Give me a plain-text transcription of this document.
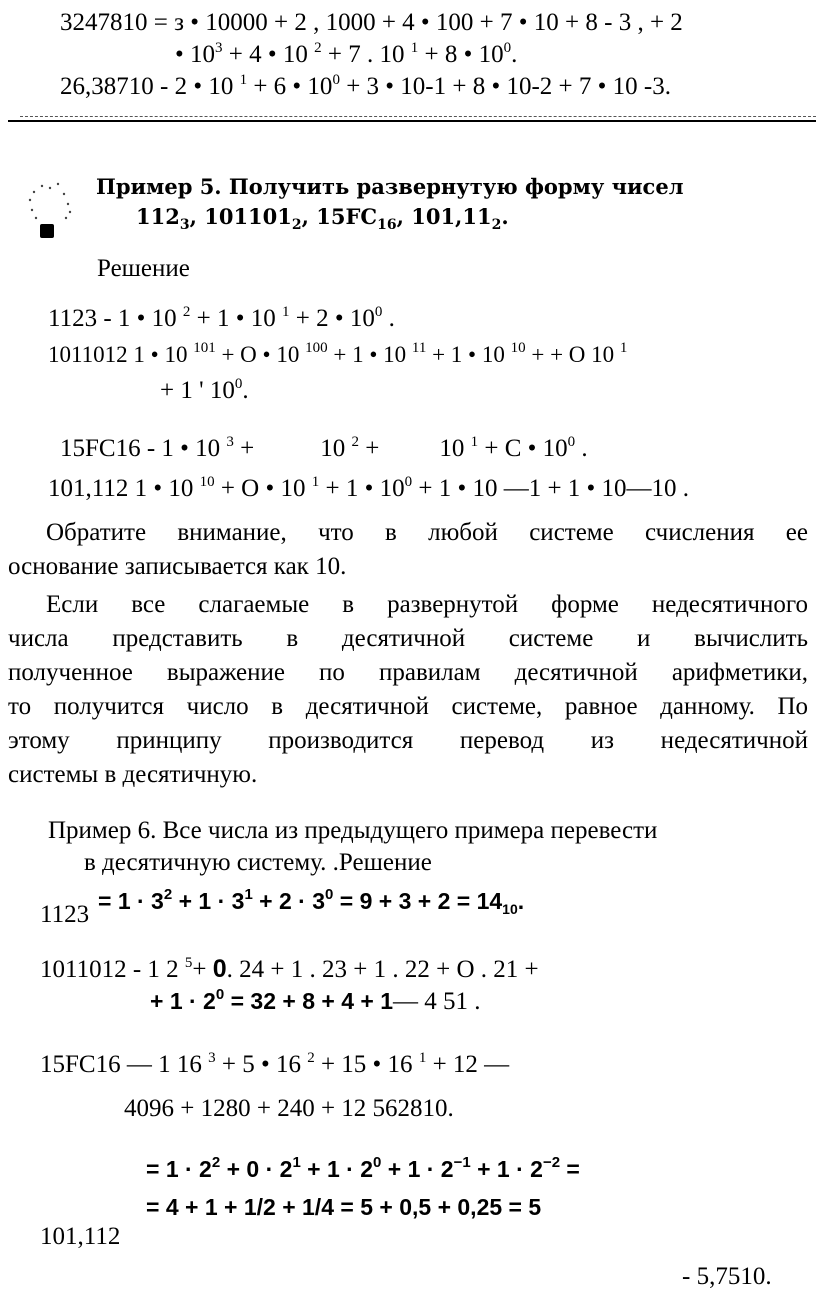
3247810 = з • 10000 + 2 , 1000 + 4 • 100 + 7 • 10 + 8 - 3 , + 2
• $10^3 + 4$ • 10 $^2$ + 7 . 10 $^1$ + 8 • $10^0$.
26,38710 - 2 • 10 $^1$ + 6 • $10^0 + 3$ • 10-1 + 8 • 10-2 + 7 • 10 -3.
Пример 5. Получить развернутую форму чисел
$112_3$, $101101_2$, $15FC_{16}$, $101,11_2$.
Решение
1123 - 1 • 10 $^2$ + 1 • 10 $^1$ + 2 • $10^0$ .
1011012 1 • 10 $^{101}$ + О • 10 $^{100}$ + 1 • 10 $^{11}$ + 1 • 10 $^{10}$ + + О 10 $^1$
+ 1 ' $10^0$.
15FC16 - 1 • 10 $^3$ +	10 $^2$ + 10 $^1$ + С • $10^0$ .
101,112 1 • 10 $^{10}$ + О • 10 $^1$ + 1 • $10^0 + 1$ • 10 —1 + 1 • 10—10 .
Обратите внимание, что в любой системе счисления ее
основание записывается как 10.
Если все слагаемые в развернутой форме недесятичного
числа представить в десятичной системе и вычислить
полученное выражение по правилам десятичной арифметики,
то получится число в десятичной системе, равное данному. По
этому принципу производится перевод из недесятичной
системы в десятичную.
Пример 6. Все числа из предыдущего примера перевести
в десятичную систему. .Решение
$1123 = 1 \cdot 3^2 + 1 \cdot 3^1 + 2 \cdot 3^0 = 9 + 3 + 2 = 14_{10}$.
1011012 - 1 2 $^5$+ 0. 24 + 1 . 23 + 1 . 22 + О . 21 +
+ $1 \cdot 2^0 = 32 + 8 + 4$ + 1— 4 51 .
15FC16 — 1 16 $^3$ + 5 • 16 $^2$ + 15 • 16 $^1$ + 12 —
4096 + 1280 + 240 + 12 562810.
= $1 \cdot 2^2 + 0 \cdot 2^1 + 1 \cdot 2^0 + 1 \cdot 2^{-1} + 1 \cdot 2^{-2}$ =
= 4 + 1 + 1/2 + 1/4 = 5 + 0,5 + 0,25 = 5
101,112
- 5,7510.
